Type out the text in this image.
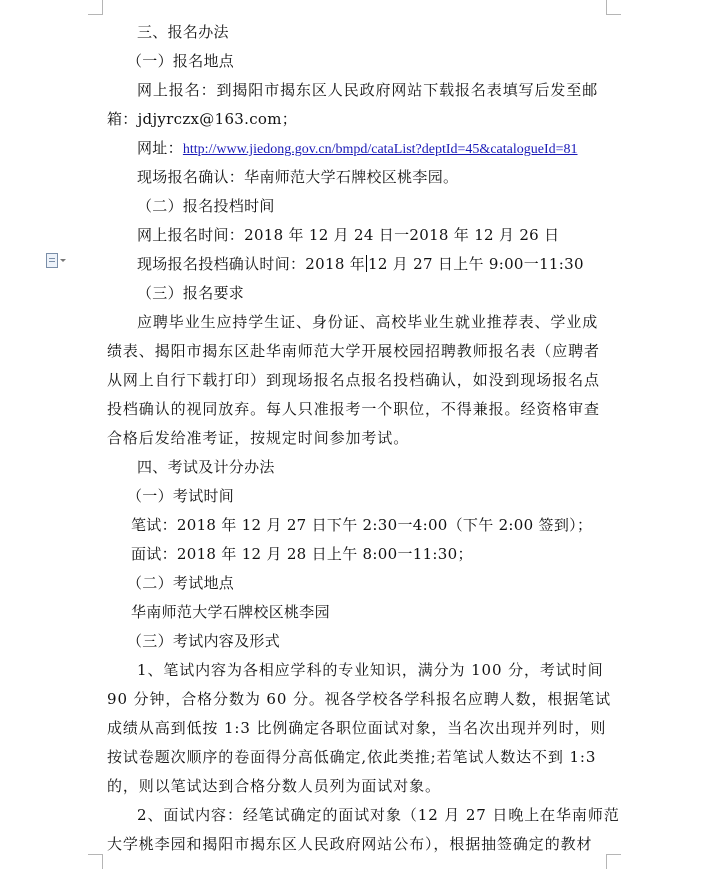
三、报名办法
（一）报名地点
网上报名：到揭阳市揭东区人民政府网站下载报名表填写后发至邮
箱：jdjyrczx@163.com；
网址：http://www.jiedong.gov.cn/bmpd/cataList?deptId=45&catalogueId=81
现场报名确认：华南师范大学石牌校区桃李园。
（二）报名投档时间
网上报名时间：2018 年 12 月 24 日一2018 年 12 月 26 日
现场报名投档确认时间：2018 年 12 月 27 日上午 9:00一11:30
（三）报名要求
应聘毕业生应持学生证、身份证、高校毕业生就业推荐表、学业成
绩表、揭阳市揭东区赴华南师范大学开展校园招聘教师报名表（应聘者
从网上自行下载打印）到现场报名点报名投档确认，如没到现场报名点
投档确认的视同放弃。每人只准报考一个职位，不得兼报。经资格审查
合格后发给准考证，按规定时间参加考试。
四、考试及计分办法
（一）考试时间
笔试：2018 年 12 月 27 日下午 2:30一4:00（下午 2:00 签到）；
面试：2018 年 12 月 28 日上午 8:00一11:30；
（二）考试地点
华南师范大学石牌校区桃李园
（三）考试内容及形式
1、笔试内容为各相应学科的专业知识，满分为 100 分，考试时间
90 分钟，合格分数为 60 分。视各学校各学科报名应聘人数，根据笔试
成绩从高到低按 1:3 比例确定各职位面试对象，当名次出现并列时，则
按试卷题次顺序的卷面得分高低确定,依此类推;若笔试人数达不到 1:3
的，则以笔试达到合格分数人员列为面试对象。
2、面试内容：经笔试确定的面试对象（12 月 27 日晚上在华南师范
大学桃李园和揭阳市揭东区人民政府网站公布），根据抽签确定的教材
